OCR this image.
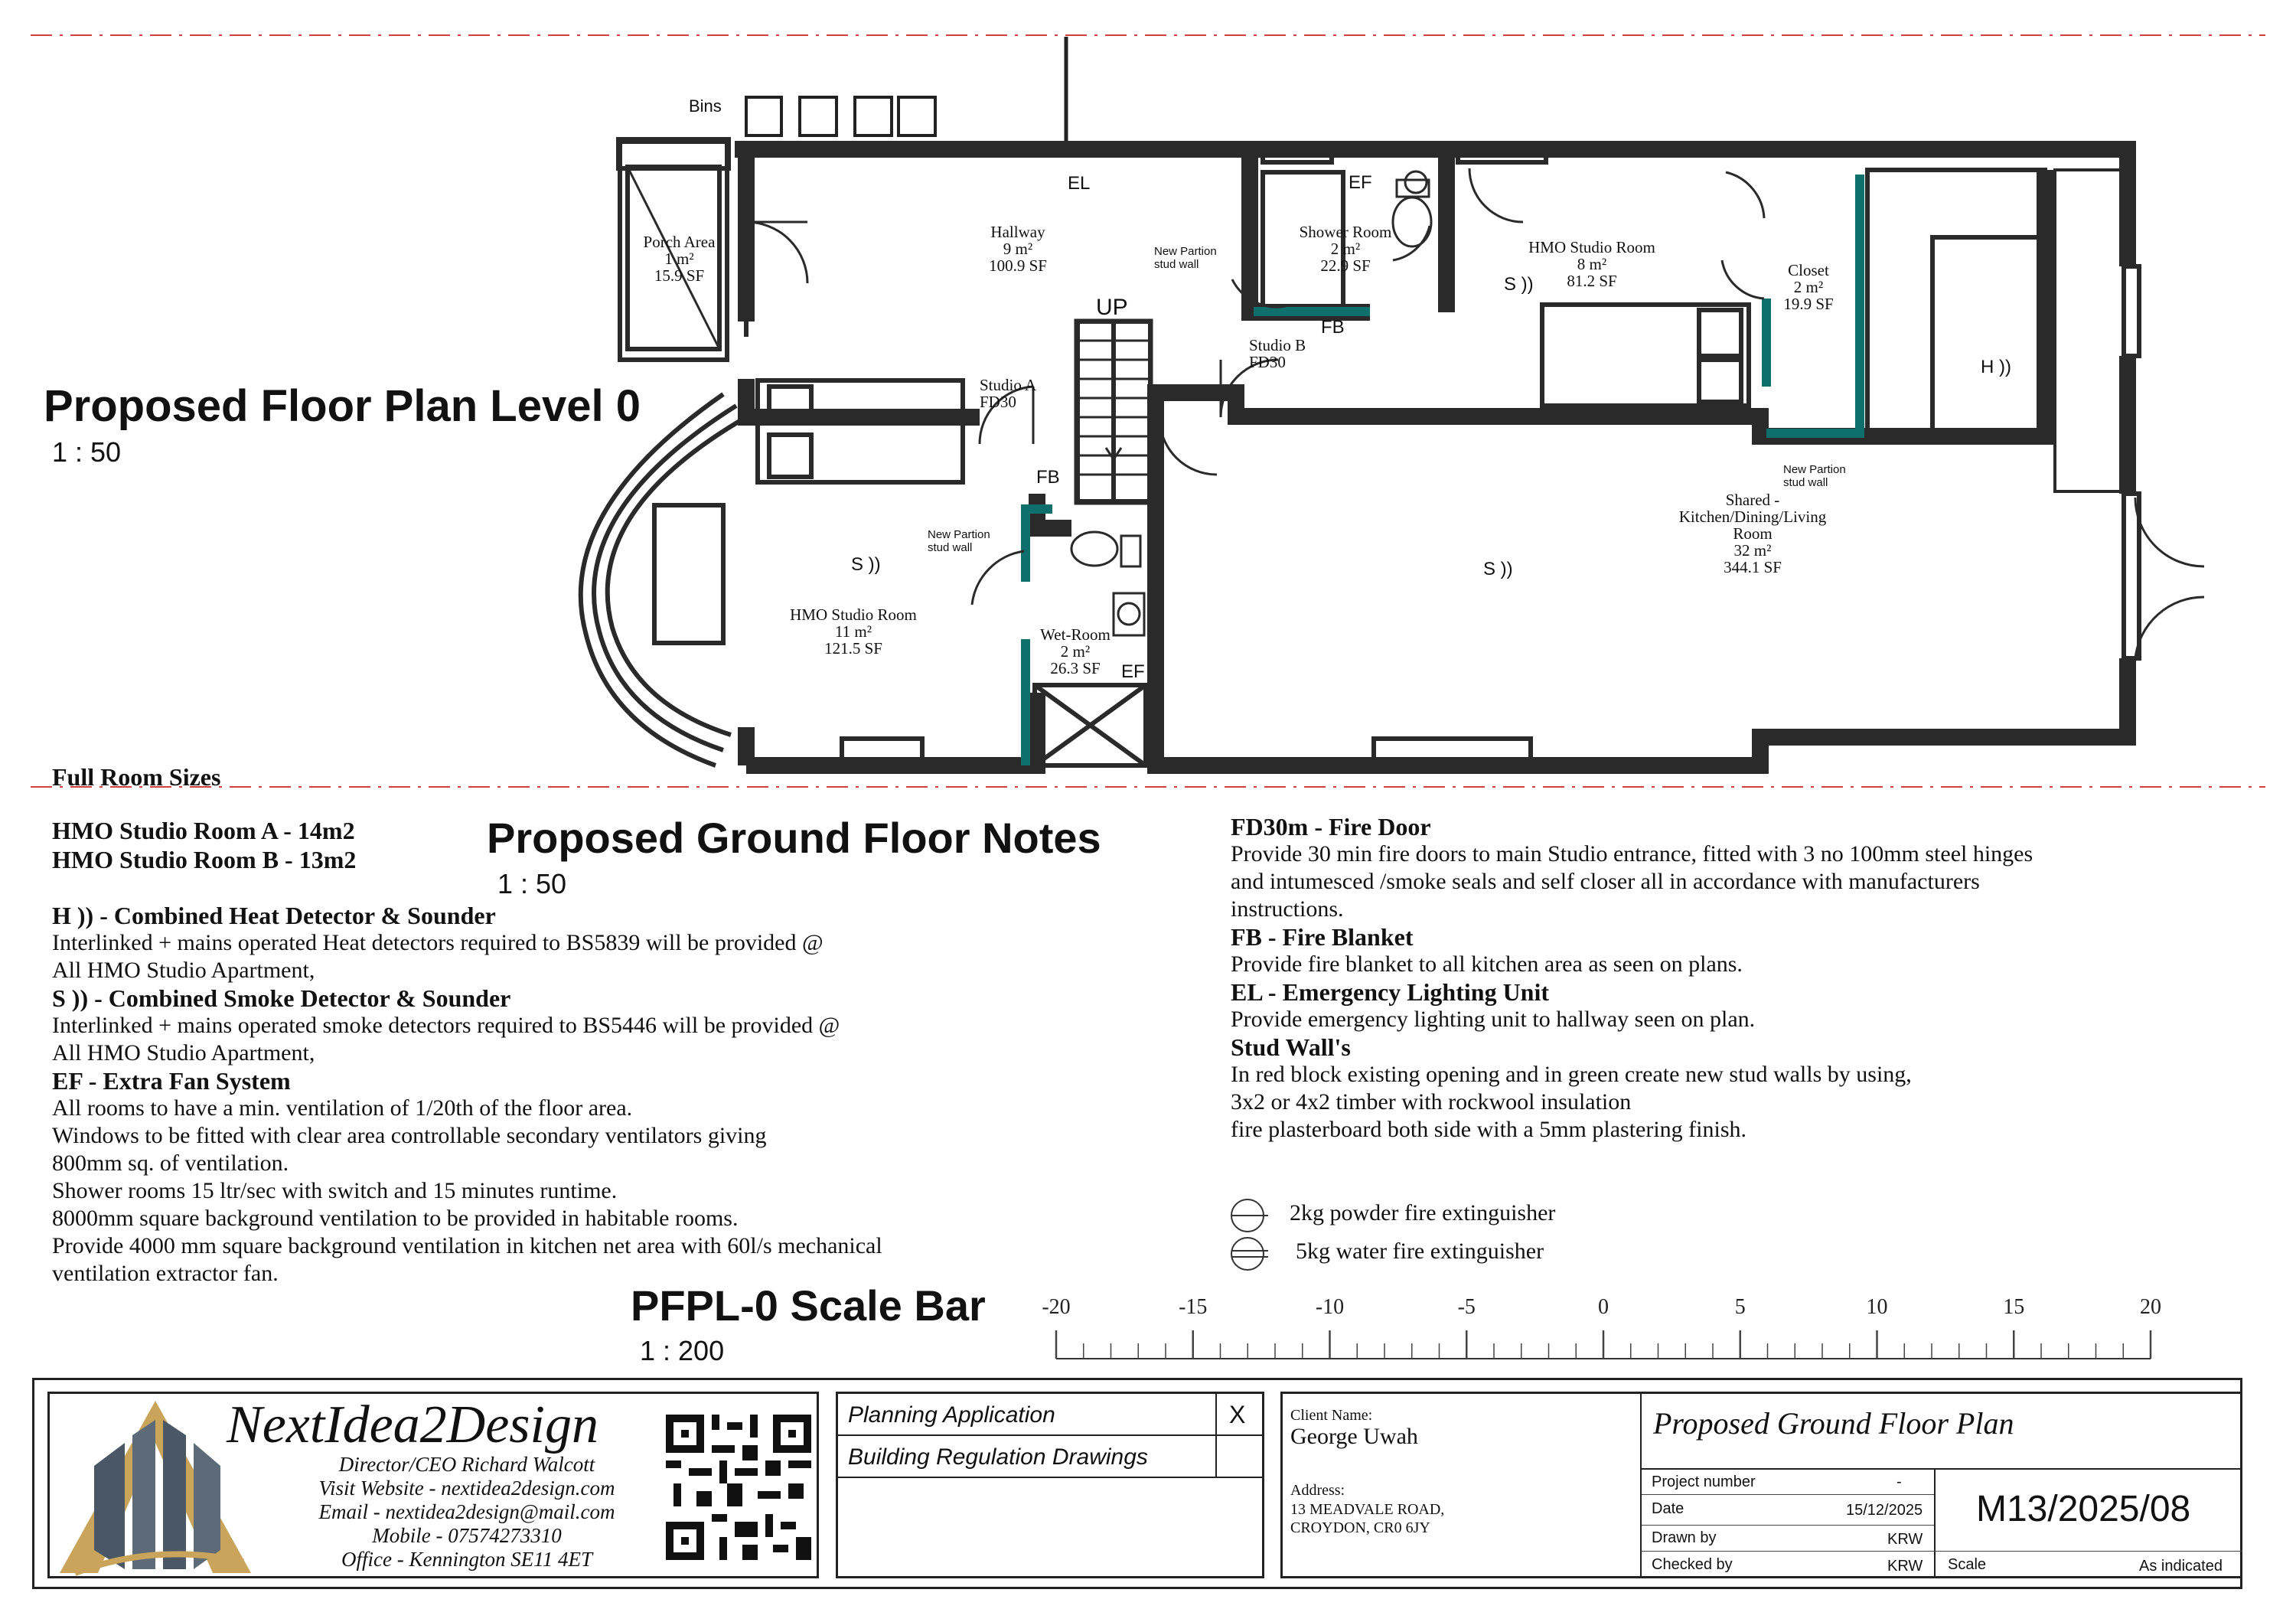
Bins
EL
Porch Area
1 m²
15.9 SF
Hallway
9 m²
100.9 SF
UP
New Partion
stud wall
Shower Room
2 m²
22.9 SF
EF
FB
Studio B
FD30
HMO Studio Room
8 m²
81.2 SF
S ))
Closet
2 m²
19.9 SF
H ))
New Partion
stud wall
Shared -
Kitchen/Dining/Living
Room
32 m²
344.1 SF
S ))
Studio A
FD30
FB
New Partion
stud wall
S ))
HMO Studio Room
11 m²
121.5 SF
Wet-Room
2 m²
26.3 SF	EF
Proposed Floor Plan Level 0
1 : 50
Full Room Sizes
HMO Studio Room A - 14m2
HMO Studio Room B - 13m2	Proposed Ground Floor Notes
1 : 50
H )) - Combined Heat Detector & Sounder
Interlinked + mains operated Heat detectors required to BS5839 will be provided @
All HMO Studio Apartment,
S )) - Combined Smoke Detector & Sounder
Interlinked + mains operated smoke detectors required to BS5446 will be provided @
All HMO Studio Apartment,
EF - Extra Fan System
All rooms to have a min. ventilation of 1/20th of the floor area.
Windows to be fitted with clear area controllable secondary ventilators giving
800mm sq. of ventilation.
Shower rooms 15 ltr/sec with switch and 15 minutes runtime.
8000mm square background ventilation to be provided in habitable rooms.
Provide 4000 mm square background ventilation in kitchen net area with 60l/s mechanical
ventilation extractor fan.
FD30m - Fire Door
Provide 30 min fire doors to main Studio entrance, fitted with 3 no 100mm steel hinges
and intumesced /smoke seals and self closer all in accordance with manufacturers
instructions.
FB - Fire Blanket
Provide fire blanket to all kitchen area as seen on plans.
EL - Emergency Lighting Unit
Provide emergency lighting unit to hallway seen on plan.
Stud Wall's
In red block existing opening and in green create new stud walls by using,
3x2 or 4x2 timber with rockwool insulation
fire plasterboard both side with a 5mm plastering finish.
2kg powder fire extinguisher
5kg water fire extinguisher
PFPL-0 Scale Bar
1 : 200
-20	-15	-10	-5	0	5	10	15	20
NextIdea2Design
Director/CEO Richard Walcott
Visit Website - nextidea2design.com
Email - nextidea2design@mail.com
Mobile - 07574273310
Office - Kennington SE11 4ET
Planning Application	X
Building Regulation Drawings
Client Name:
George Uwah
Address:
13 MEADVALE ROAD,
CROYDON, CR0 6JY
Proposed Ground Floor Plan
Project number	-
Date	15/12/2025
Drawn by	KRW
Checked by	KRW
M13/2025/08
Scale	As indicated
